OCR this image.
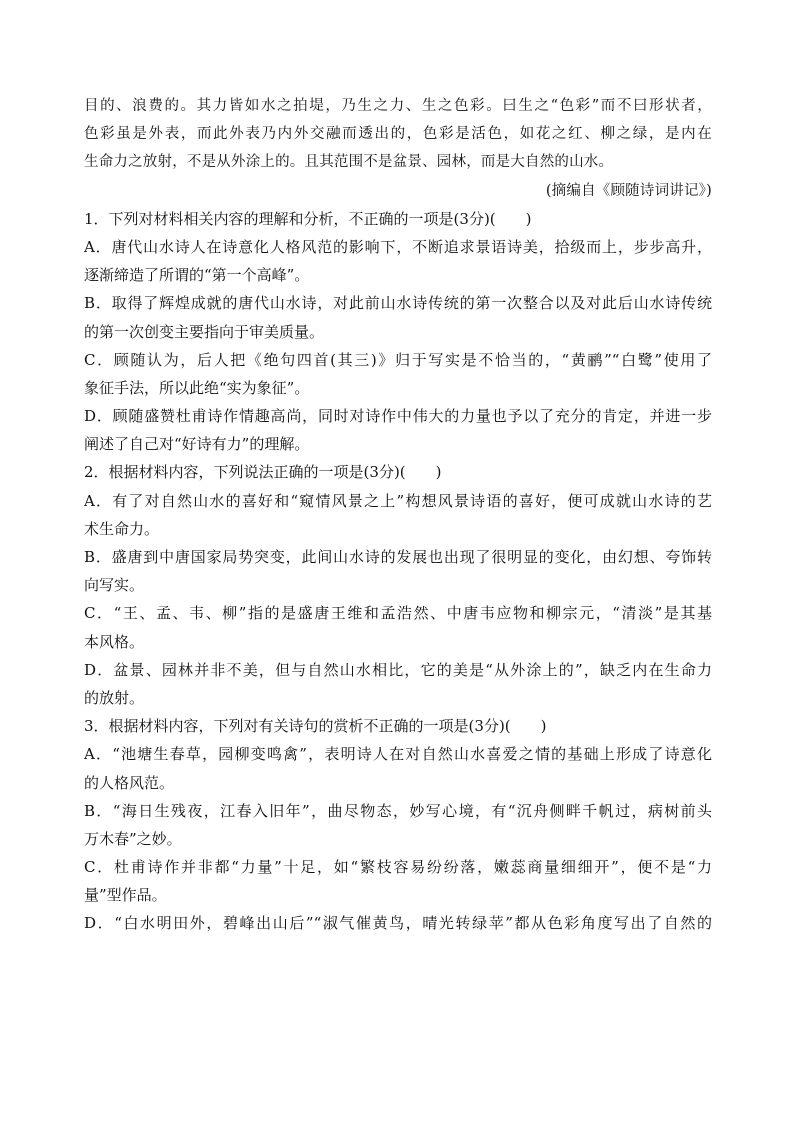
目的、浪费的。其力皆如水之拍堤，乃生之力、生之色彩。曰生之“色彩”而不曰形状者，
色彩虽是外表，而此外表乃内外交融而透出的，色彩是活色，如花之红、柳之绿，是内在
生命力之放射，不是从外涂上的。且其范围不是盆景、园林，而是大自然的山水。
(摘编自《顾随诗词讲记》)
1．下列对材料相关内容的理解和分析，不正确的一项是(3分)(　　)
A．唐代山水诗人在诗意化人格风范的影响下，不断追求景语诗美，拾级而上，步步高升，
逐渐缔造了所谓的“第一个高峰”。
B．取得了辉煌成就的唐代山水诗，对此前山水诗传统的第一次整合以及对此后山水诗传统
的第一次创变主要指向于审美质量。
C．顾随认为，后人把《绝句四首(其三)》归于写实是不恰当的，“黄鹂”“白鹭”使用了
象征手法，所以此绝“实为象征”。
D．顾随盛赞杜甫诗作情趣高尚，同时对诗作中伟大的力量也予以了充分的肯定，并进一步
阐述了自己对“好诗有力”的理解。
2．根据材料内容，下列说法正确的一项是(3分)(　　)
A．有了对自然山水的喜好和“窥情风景之上”构想风景诗语的喜好，便可成就山水诗的艺
术生命力。
B．盛唐到中唐国家局势突变，此间山水诗的发展也出现了很明显的变化，由幻想、夸饰转
向写实。
C．“王、孟、韦、柳”指的是盛唐王维和孟浩然、中唐韦应物和柳宗元，“清淡”是其基
本风格。
D．盆景、园林并非不美，但与自然山水相比，它的美是“从外涂上的”，缺乏内在生命力
的放射。
3．根据材料内容，下列对有关诗句的赏析不正确的一项是(3分)(　　)
A．“池塘生春草，园柳变鸣禽”，表明诗人在对自然山水喜爱之情的基础上形成了诗意化
的人格风范。
B．“海日生残夜，江春入旧年”，曲尽物态，妙写心境，有“沉舟侧畔千帆过，病树前头
万木春”之妙。
C．杜甫诗作并非都“力量”十足，如“繁枝容易纷纷落，嫩蕊商量细细开”，便不是“力
量”型作品。
D．“白水明田外，碧峰出山后”“淑气催黄鸟，晴光转绿苹”都从色彩角度写出了自然的
